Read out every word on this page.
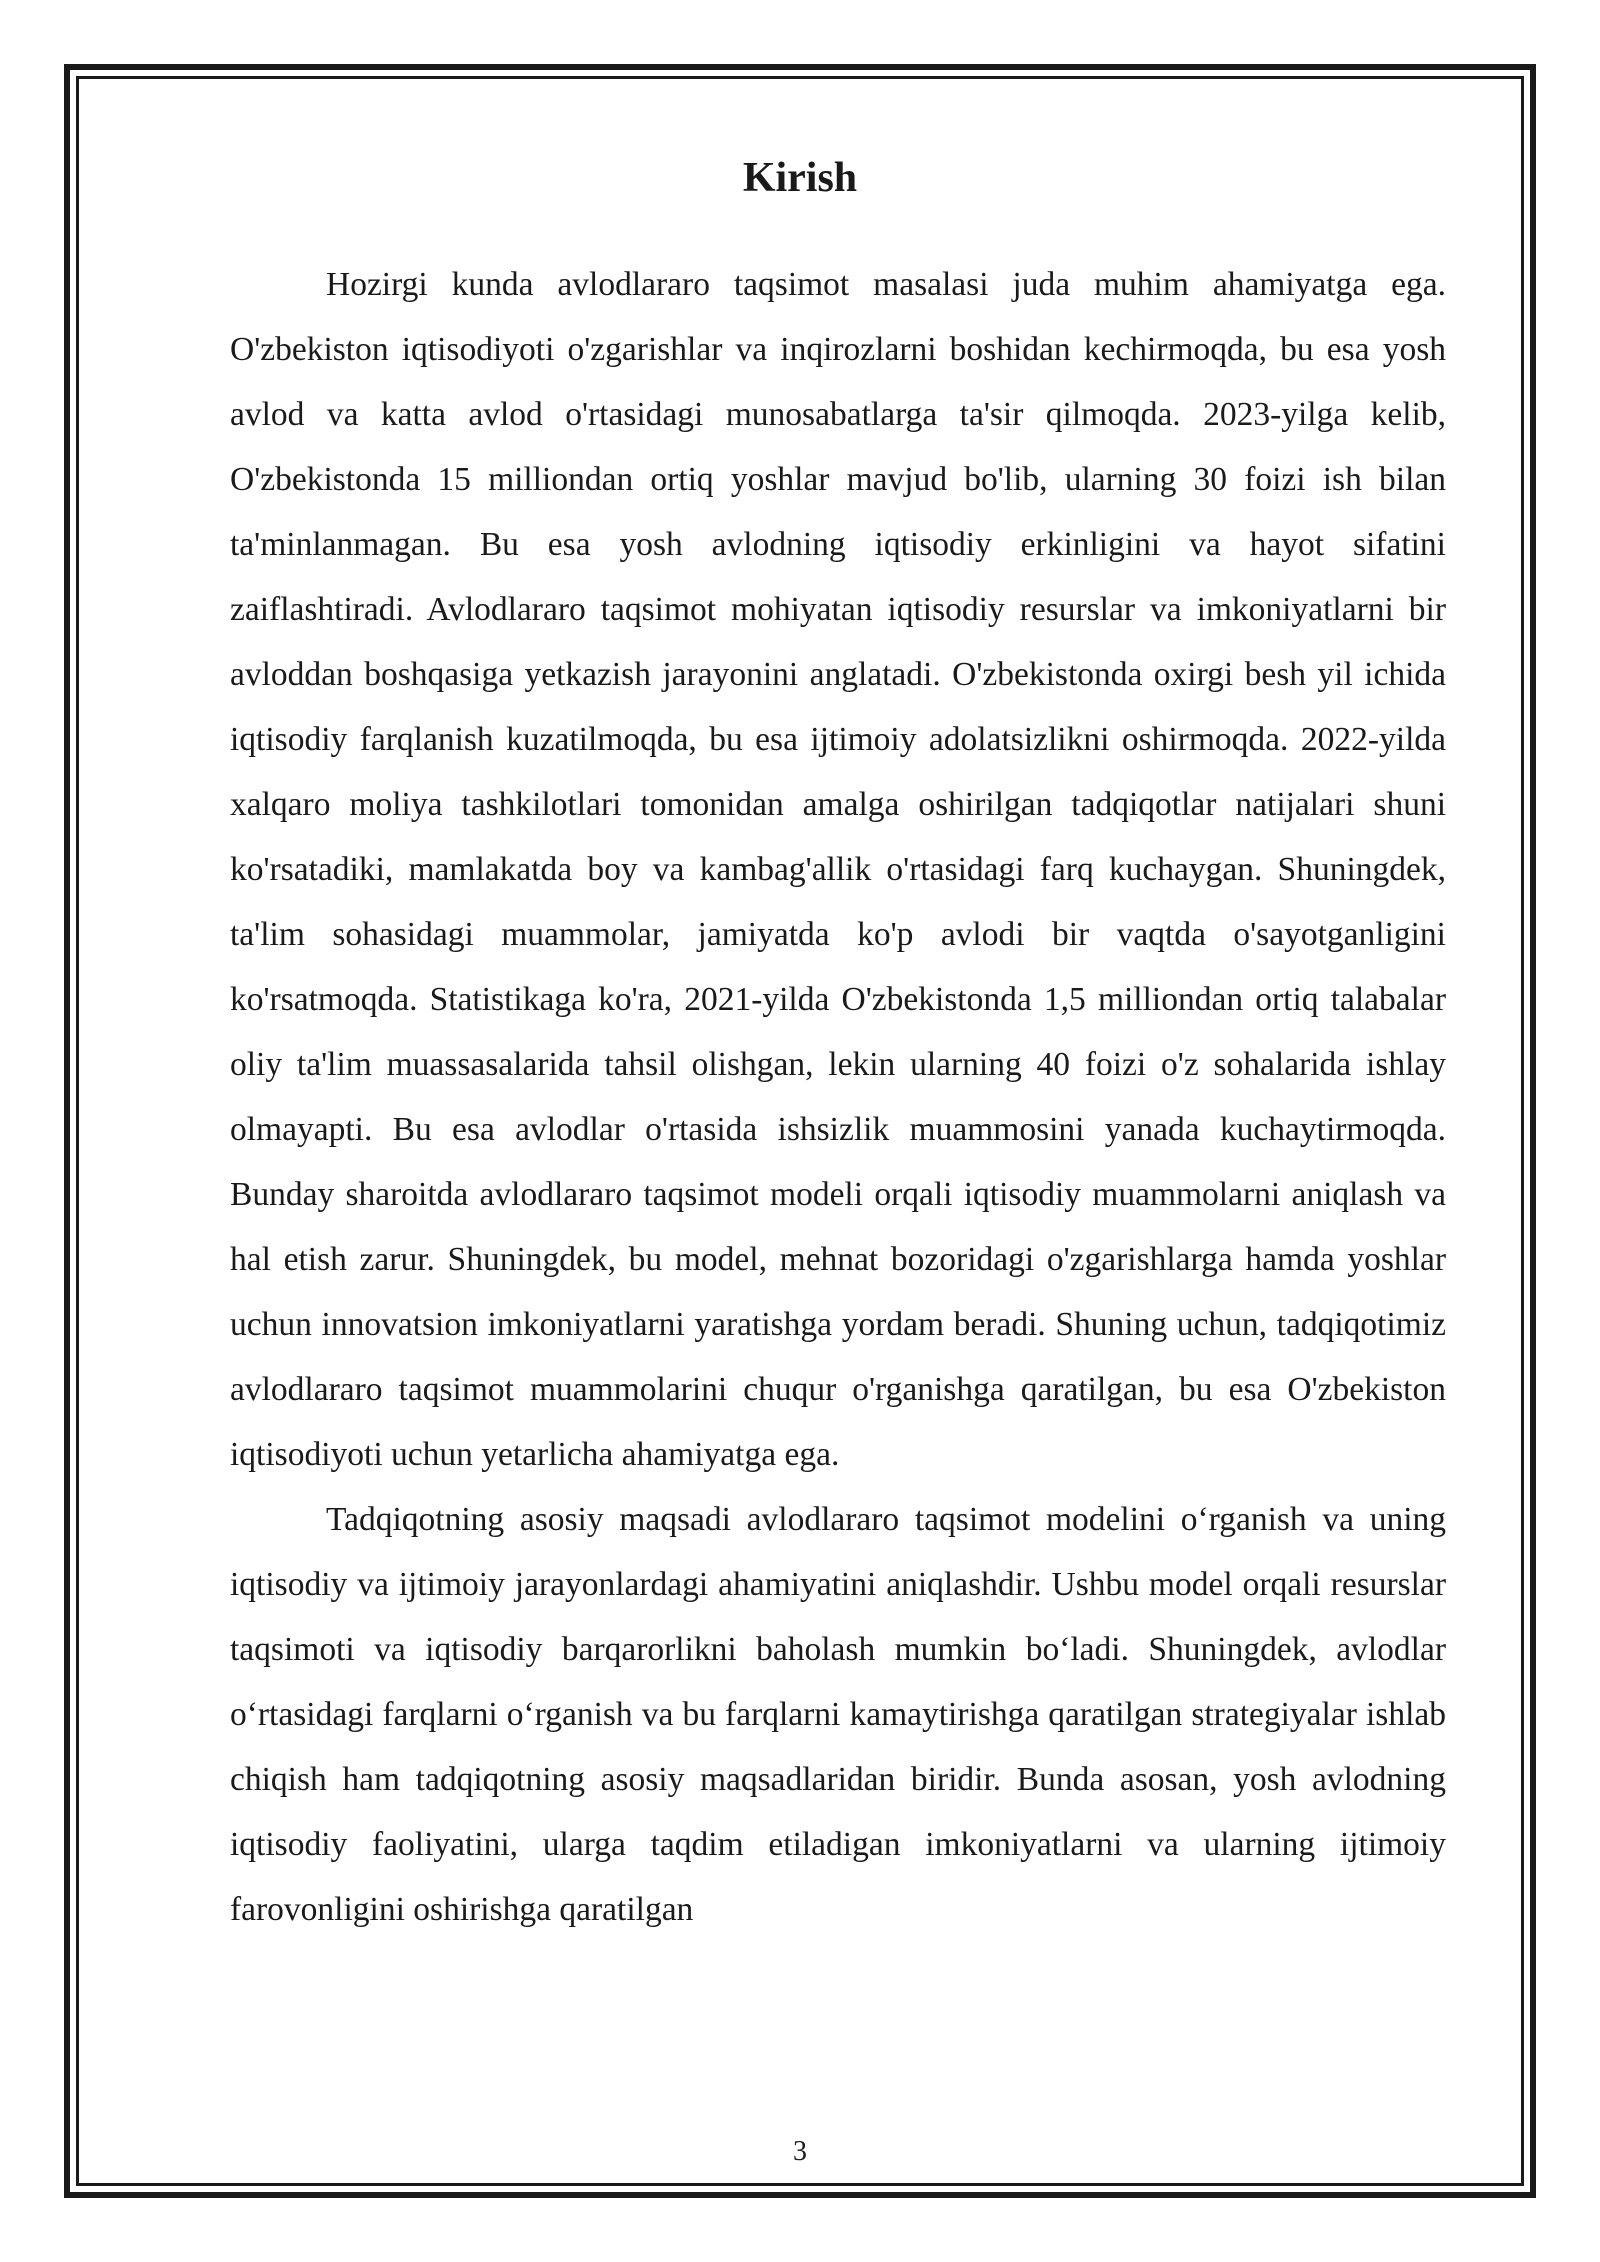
Kirish

Hozirgi kunda avlodlararo taqsimot masalasi juda muhim ahamiyatga ega. O'zbekiston iqtisodiyoti o'zgarishlar va inqirozlarni boshidan kechirmoqda, bu esa yosh avlod va katta avlod o'rtasidagi munosabatlarga ta'sir qilmoqda. 2023-yilga kelib, O'zbekistonda 15 milliondan ortiq yoshlar mavjud bo'lib, ularning 30 foizi ish bilan ta'minlanmagan. Bu esa yosh avlodning iqtisodiy erkinligini va hayot sifatini zaiflashtiradi. Avlodlararo taqsimot mohiyatan iqtisodiy resurslar va imkoniyatlarni bir avloddan boshqasiga yetkazish jarayonini anglatadi. O'zbekistonda oxirgi besh yil ichida iqtisodiy farqlanish kuzatilmoqda, bu esa ijtimoiy adolatsizlikni oshirmoqda. 2022-yilda xalqaro moliya tashkilotlari tomonidan amalga oshirilgan tadqiqotlar natijalari shuni ko'rsatadiki, mamlakatda boy va kambag'allik o'rtasidagi farq kuchaygan. Shuningdek, ta'lim sohasidagi muammolar, jamiyatda ko'p avlodi bir vaqtda o'sayotganligini ko'rsatmoqda. Statistikaga ko'ra, 2021-yilda O'zbekistonda 1,5 milliondan ortiq talabalar oliy ta'lim muassasalarida tahsil olishgan, lekin ularning 40 foizi o'z sohalarida ishlay olmayapti. Bu esa avlodlar o'rtasida ishsizlik muammosini yanada kuchaytirmoqda. Bunday sharoitda avlodlararo taqsimot modeli orqali iqtisodiy muammolarni aniqlash va hal etish zarur. Shuningdek, bu model, mehnat bozoridagi o'zgarishlarga hamda yoshlar uchun innovatsion imkoniyatlarni yaratishga yordam beradi. Shuning uchun, tadqiqotimiz avlodlararo taqsimot muammolarini chuqur o'rganishga qaratilgan, bu esa O'zbekiston iqtisodiyoti uchun yetarlicha ahamiyatga ega.

Tadqiqotning asosiy maqsadi avlodlararo taqsimot modelini o‘rganish va uning iqtisodiy va ijtimoiy jarayonlardagi ahamiyatini aniqlashdir. Ushbu model orqali resurslar taqsimoti va iqtisodiy barqarorlikni baholash mumkin bo‘ladi. Shuningdek, avlodlar o‘rtasidagi farqlarni o‘rganish va bu farqlarni kamaytirishga qaratilgan strategiyalar ishlab chiqish ham tadqiqotning asosiy maqsadlaridan biridir. Bunda asosan, yosh avlodning iqtisodiy faoliyatini, ularga taqdim etiladigan imkoniyatlarni va ularning ijtimoiy farovonligini oshirishga qaratilgan

3
